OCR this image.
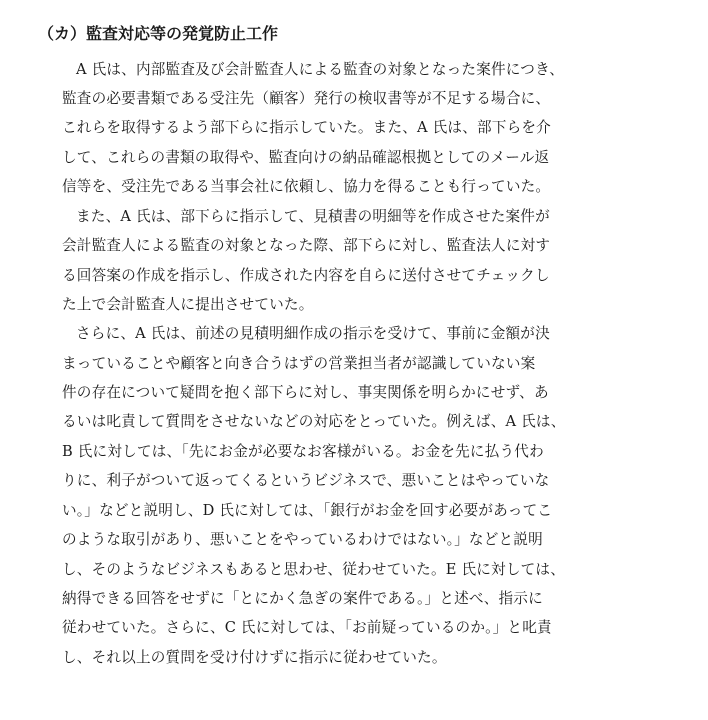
（カ）監査対応等の発覚防止工作
A 氏は、内部監査及び会計監査人による監査の対象となった案件につき、
監査の必要書類である受注先（顧客）発行の検収書等が不足する場合に、
これらを取得するよう部下らに指示していた。また、A 氏は、部下らを介
して、これらの書類の取得や、監査向けの納品確認根拠としてのメール返
信等を、受注先である当事会社に依頼し、協力を得ることも行っていた。
また、A 氏は、部下らに指示して、見積書の明細等を作成させた案件が
会計監査人による監査の対象となった際、部下らに対し、監査法人に対す
る回答案の作成を指示し、作成された内容を自らに送付させてチェックし
た上で会計監査人に提出させていた。
さらに、A 氏は、前述の見積明細作成の指示を受けて、事前に金額が決
まっていることや顧客と向き合うはずの営業担当者が認識していない案
件の存在について疑問を抱く部下らに対し、事実関係を明らかにせず、あ
るいは叱責して質問をさせないなどの対応をとっていた。例えば、A 氏は、
B 氏に対しては、「先にお金が必要なお客様がいる。お金を先に払う代わ
りに、利子がついて返ってくるというビジネスで、悪いことはやっていな
い。」などと説明し、D 氏に対しては、「銀行がお金を回す必要があってこ
のような取引があり、悪いことをやっているわけではない。」などと説明
し、そのようなビジネスもあると思わせ、従わせていた。E 氏に対しては、
納得できる回答をせずに「とにかく急ぎの案件である。」と述べ、指示に
従わせていた。さらに、C 氏に対しては、「お前疑っているのか。」と叱責
し、それ以上の質問を受け付けずに指示に従わせていた。
